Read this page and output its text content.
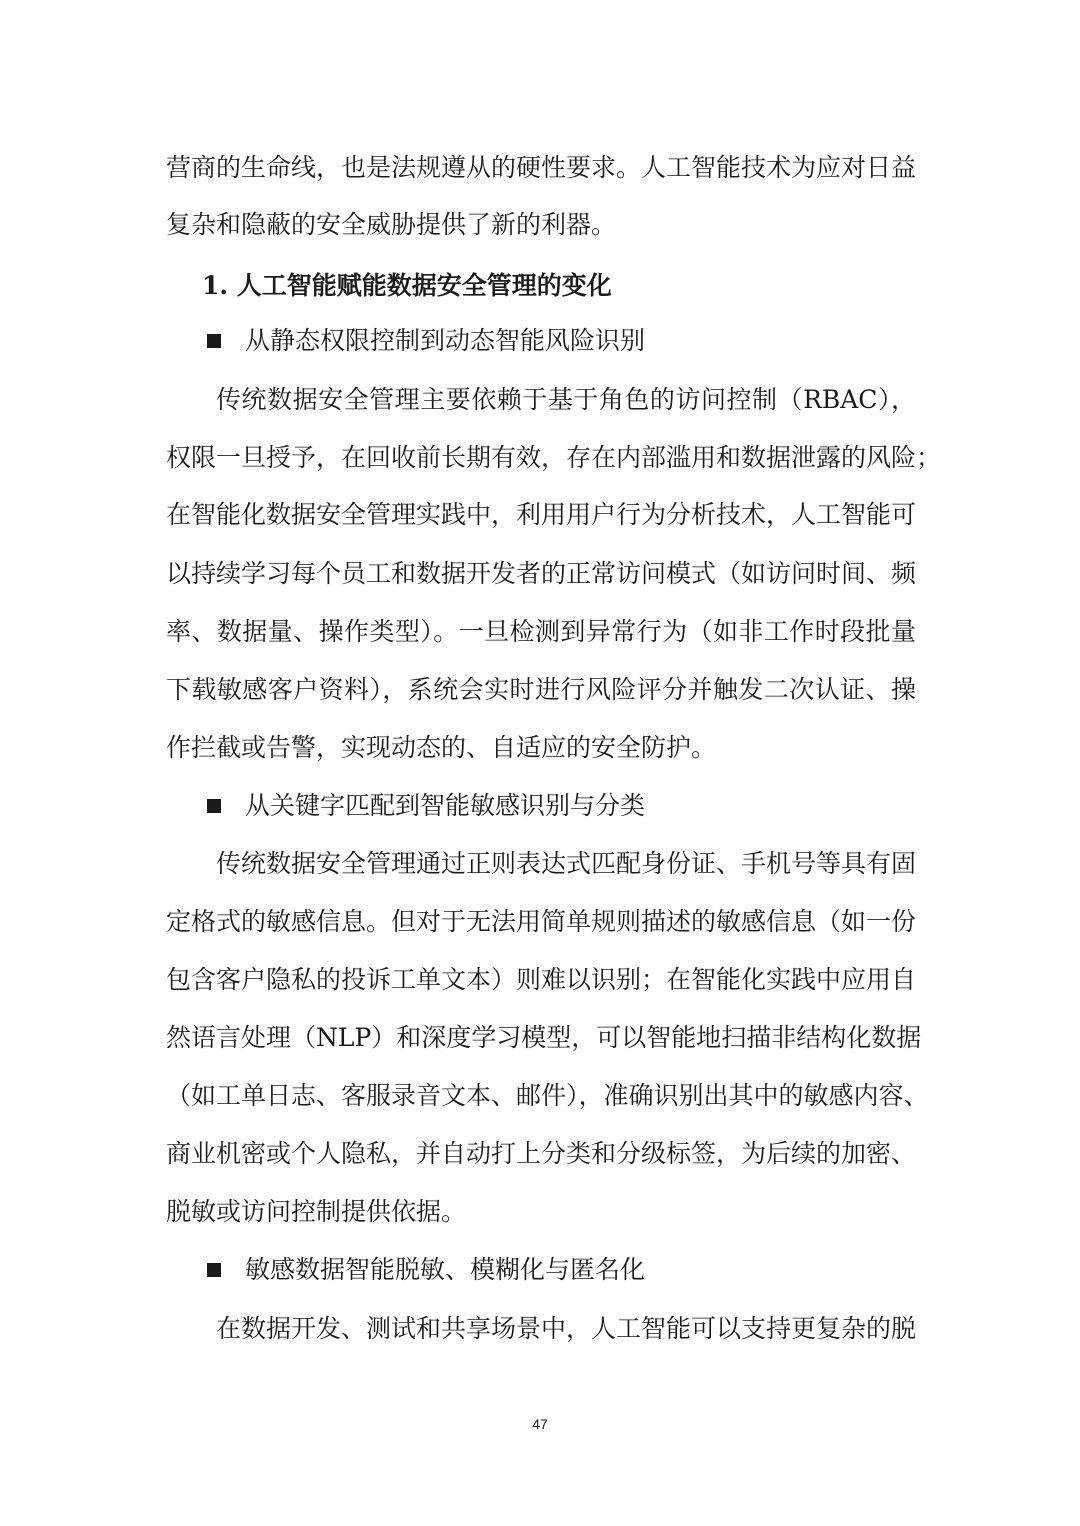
营商的生命线，也是法规遵从的硬性要求。人工智能技术为应对日益
复杂和隐蔽的安全威胁提供了新的利器。
1. 人工智能赋能数据安全管理的变化
从静态权限控制到动态智能风险识别
传统数据安全管理主要依赖于基于角色的访问控制（RBAC），
权限一旦授予，在回收前长期有效，存在内部滥用和数据泄露的风险；
在智能化数据安全管理实践中，利用用户行为分析技术，人工智能可
以持续学习每个员工和数据开发者的正常访问模式（如访问时间、频
率、数据量、操作类型）。一旦检测到异常行为（如非工作时段批量
下载敏感客户资料），系统会实时进行风险评分并触发二次认证、操
作拦截或告警，实现动态的、自适应的安全防护。
从关键字匹配到智能敏感识别与分类
传统数据安全管理通过正则表达式匹配身份证、手机号等具有固
定格式的敏感信息。但对于无法用简单规则描述的敏感信息（如一份
包含客户隐私的投诉工单文本）则难以识别；在智能化实践中应用自
然语言处理（NLP）和深度学习模型，可以智能地扫描非结构化数据
（如工单日志、客服录音文本、邮件），准确识别出其中的敏感内容、
商业机密或个人隐私，并自动打上分类和分级标签，为后续的加密、
脱敏或访问控制提供依据。
敏感数据智能脱敏、模糊化与匿名化
在数据开发、测试和共享场景中，人工智能可以支持更复杂的脱
47
